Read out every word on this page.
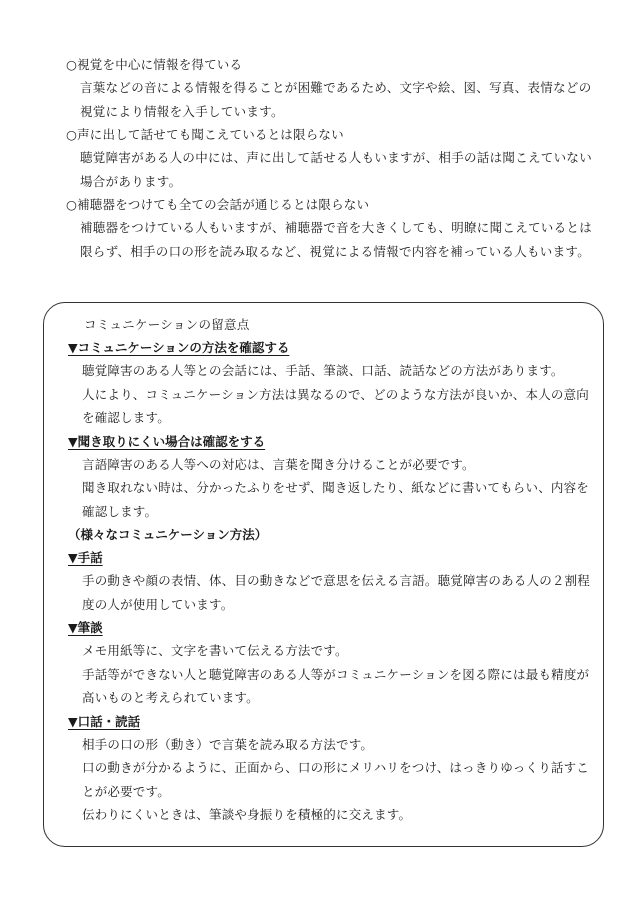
○視覚を中心に情報を得ている

言葉などの音による情報を得ることが困難であるため、文字や絵、図、写真、表情などの視覚により情報を入手しています。

○声に出して話せても聞こえているとは限らない

聴覚障害がある人の中には、声に出して話せる人もいますが、相手の話は聞こえていない場合があります。

○補聴器をつけても全ての会話が通じるとは限らない

補聴器をつけている人もいますが、補聴器で音を大きくしても、明瞭に聞こえているとは限らず、相手の口の形を読み取るなど、視覚による情報で内容を補っている人もいます。

コミュニケーションの留意点

▼コミュニケーションの方法を確認する

聴覚障害のある人等との会話には、手話、筆談、口話、読話などの方法があります。

人により、コミュニケーション方法は異なるので、どのような方法が良いか、本人の意向を確認します。

▼聞き取りにくい場合は確認をする

言語障害のある人等への対応は、言葉を聞き分けることが必要です。

聞き取れない時は、分かったふりをせず、聞き返したり、紙などに書いてもらい、内容を確認します。

（様々なコミュニケーション方法）

▼手話

手の動きや顔の表情、体、目の動きなどで意思を伝える言語。聴覚障害のある人の２割程度の人が使用しています。

▼筆談

メモ用紙等に、文字を書いて伝える方法です。

手話等ができない人と聴覚障害のある人等がコミュニケーションを図る際には最も精度が高いものと考えられています。

▼口話・読話

相手の口の形（動き）で言葉を読み取る方法です。

口の動きが分かるように、正面から、口の形にメリハリをつけ、はっきりゆっくり話すことが必要です。

伝わりにくいときは、筆談や身振りを積極的に交えます。
